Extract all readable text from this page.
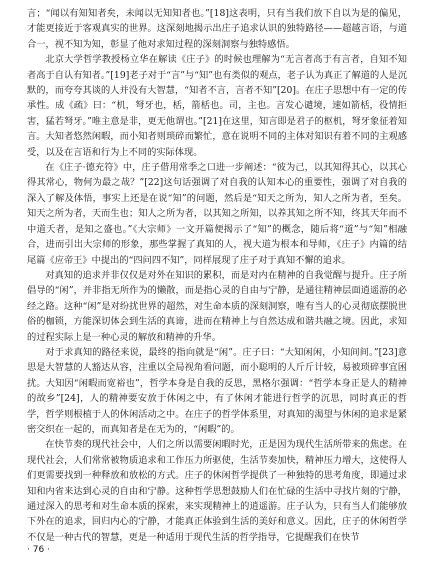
言；“闻以有知知者矣，未闻以无知知者也。”[18]这表明，只有当我们放下自以为是的偏见，才能更接近于客观真实的世界。这深刻地揭示出庄子追求认识的独特路径——超越言语，与道合一，视不知为知，彰显了他对求知过程的深刻洞察与独特感悟。

北京大学哲学教授杨立华在解读《庄子》的时候也理解为“无言者高于有言者，自知不知者高于自认有知者。”[19]老子对于“言”与“知”也有类似的观点，老子认为真正了解道的人是沉默的，而夸夸其谈的人并没有大智慧，“知者不言，言者不知”[20]。在庄子思想中有一定的传承性。成《疏》曰：“机，弩牙也，栝，箭栝也。司，主也。言发心谴境，速如箭栝，役情拒害，猛若弩牙。”唯主意是非，更无他谓也。”[21]在这里，知言即是君子的枢机，弩牙象征着知言。大知者悠然闲暇，而小知者则琐碎而繁忙，意在说明不同的主体对知识有着不同的主观感受，以及在言语和行为上不同的实际体现。

在《庄子·德充符》中，庄子借用常季之口进一步阐述：“彼为己，以其知得其心，以其心得其常心，物何为最之哉？”[22]这句话强调了对自我的认知本心的重要性，强调了对自我的深入了解及体悟，事实上还是在说“知”的问题，然后是“知天之所为，知人之所为者，至矣。知天之所为者，天而生也；知人之所为者，以其知之所知，以养其知之所不知，终其天年而不中道夭者，是知之盛也。”《大宗师》一文开篇便揭示了“知”的概念，随后将“道”与“知”相融合，进而引出大宗师的形象，那些掌握了真知的人，视大道为根本和导师，《庄子》内篇的结尾篇《应帝王》中提出的“四问四不知”，同样展现了庄子对于真知不懈的追求。

对真知的追求并非仅仅是对外在知识的累积，而是对内在精神的自我觉醒与提升。庄子所倡导的“闲”，并非指无所作为的懒散，而是指心灵的自由与宁静，是通往精神层面逍遥游的必经之路。这种“闲”是对纷扰世界的超然，对生命本质的深刻洞察，唯有当人的心灵彻底摆脱世俗的枷锁，方能深切体会到生活的真谛，进而在精神上与自然达成和谐共融之境。因此，求知的过程实际上是一种心灵的解放和精神的升华。

对于求真知的路径来说，最终的指向就是“闲”。庄子曰：“大知闲闲，小知间间。”[23]意思是大智慧的人豁达从容，注重以全局视角看问题，而小聪明的人斤斤计较，易被琐碎事宜困扰。大知因“闲暇而宽裕也”，哲学本身是自我的反思，黑格尔强调：“哲学本身正是人的精神的故乡”[24]，人的精神要安放于休闲之中，有了休闲才能进行哲学的沉思，同时真正的哲学，哲学则根植于人的休闲活动之中。在庄子的哲学体系里，对真知的渴望与休闲的追求是紧密交织在一起的，而真知者是在无为的，“闲暇”的。

在快节奏的现代社会中，人们之所以需要闲暇时光，正是因为现代生活所带来的焦虑。在现代社会，人们常常被物质追求和工作压力所驱使，生活节奏加快，精神压力增大，这使得人们更需要找到一种释放和放松的方式。庄子的休闲哲学提供了一种独特的思考角度，即通过求知和内省来达到心灵的自由和宁静。这种哲学思想鼓励人们在忙碌的生活中寻找片刻的宁静，通过深入的思考和对生命本质的探索，来实现精神上的逍遥游。庄子认为，只有当人们能够放下外在的追求，回归内心的宁静，才能真正体验到生活的美好和意义。因此，庄子的休闲哲学不仅是一种古代的智慧，更是一种适用于现代生活的哲学指导，它提醒我们在快节

· 76 ·
